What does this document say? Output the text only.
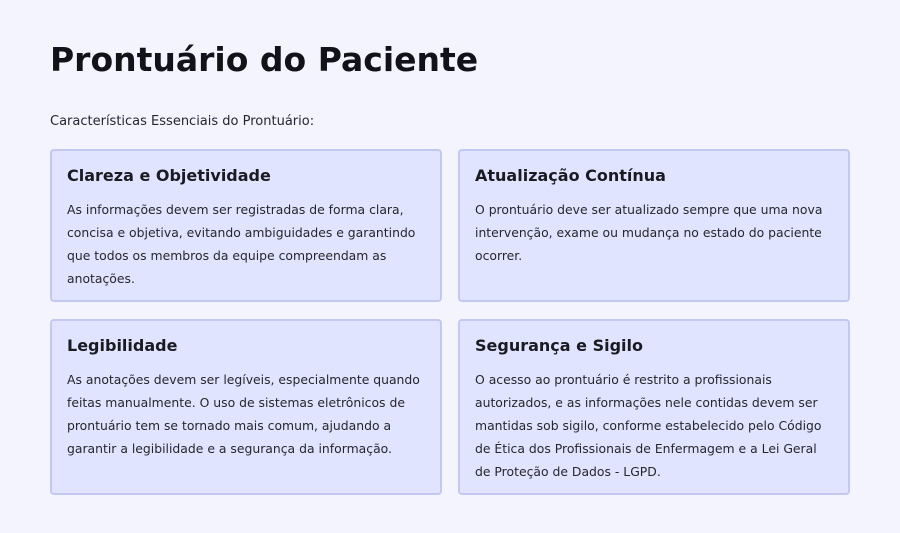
Prontuário do Paciente

Características Essenciais do Prontuário:

Clareza e Objetividade

As informações devem ser registradas de forma clara, concisa e objetiva, evitando ambiguidades e garantindo que todos os membros da equipe compreendam as anotações.

Atualização Contínua

O prontuário deve ser atualizado sempre que uma nova intervenção, exame ou mudança no estado do paciente ocorrer.

Legibilidade

As anotações devem ser legíveis, especialmente quando feitas manualmente. O uso de sistemas eletrônicos de prontuário tem se tornado mais comum, ajudando a garantir a legibilidade e a segurança da informação.

Segurança e Sigilo

O acesso ao prontuário é restrito a profissionais autorizados, e as informações nele contidas devem ser mantidas sob sigilo, conforme estabelecido pelo Código de Ética dos Profissionais de Enfermagem e a Lei Geral de Proteção de Dados - LGPD.
